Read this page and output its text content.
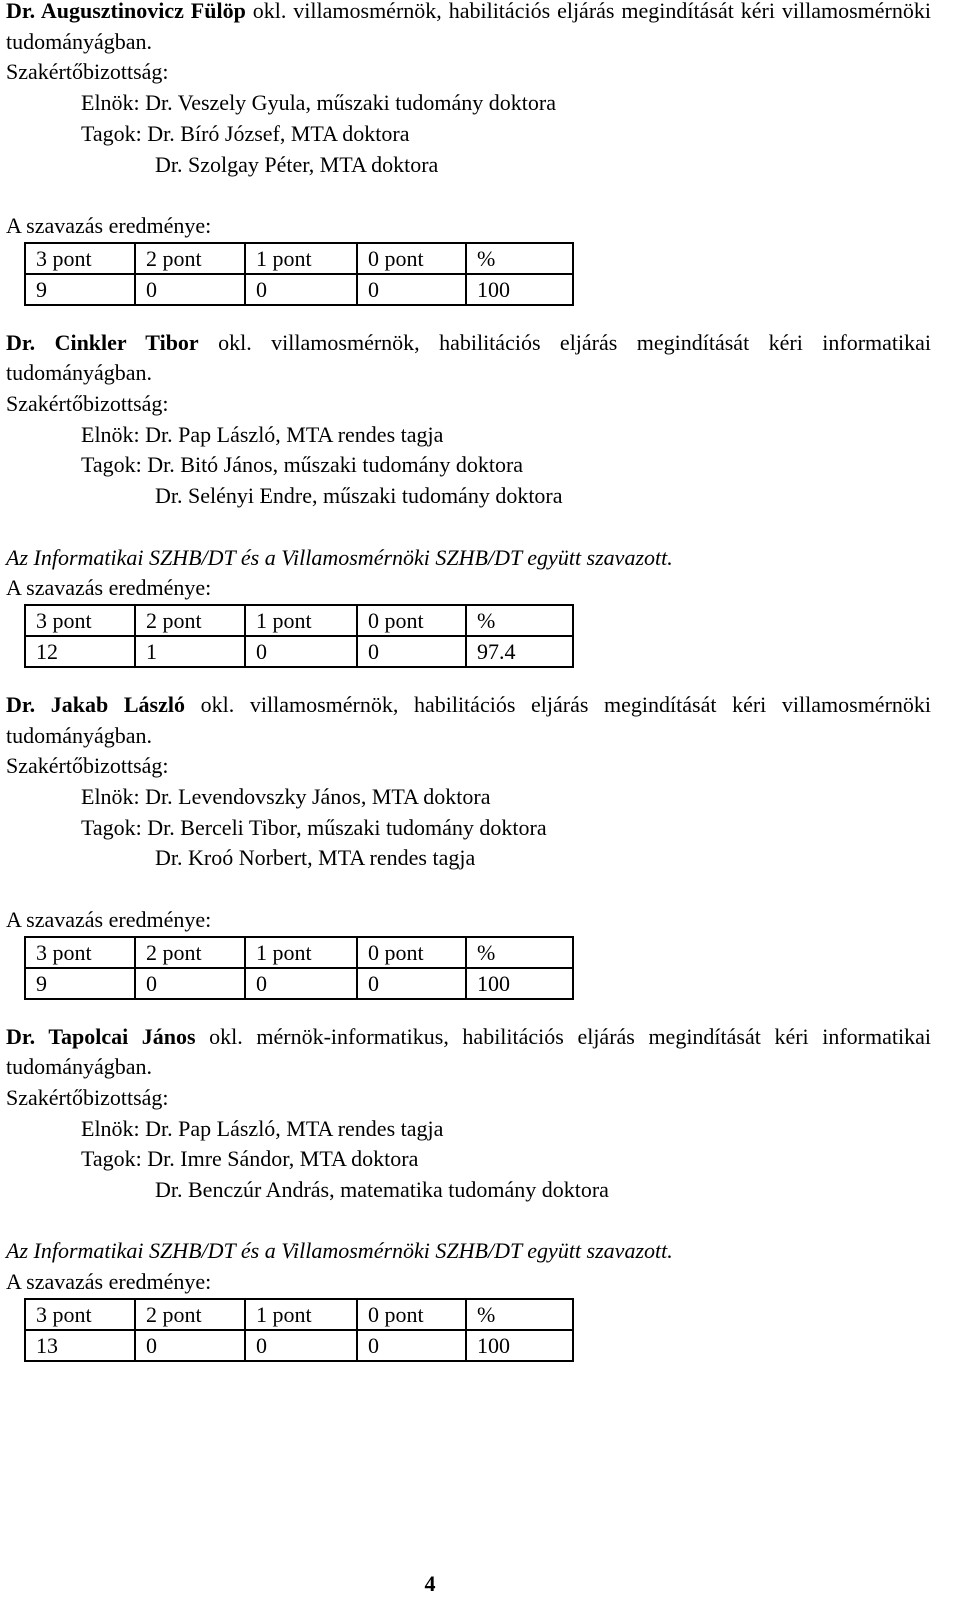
Dr. Augusztinovicz Fülöp okl. villamosmérnök, habilitációs eljárás megindítását kéri villamosmérnöki tudományágban.
Szakértőbizottság:
Elnök: Dr. Veszely Gyula, műszaki tudomány doktora
Tagok: Dr. Bíró József, MTA doktora
Dr. Szolgay Péter, MTA doktora
A szavazás eredménye:
3 pont	2 pont	1 pont	0 pont	%
9	0	0	0	100
Dr. Cinkler Tibor okl. villamosmérnök, habilitációs eljárás megindítását kéri informatikai tudományágban.
Szakértőbizottság:
Elnök: Dr. Pap László, MTA rendes tagja
Tagok: Dr. Bitó János, műszaki tudomány doktora
Dr. Selényi Endre, műszaki tudomány doktora
Az Informatikai SZHB/DT és a Villamosmérnöki SZHB/DT együtt szavazott.
A szavazás eredménye:
3 pont	2 pont	1 pont	0 pont	%
12	1	0	0	97.4
Dr. Jakab László okl. villamosmérnök, habilitációs eljárás megindítását kéri villamosmérnöki tudományágban.
Szakértőbizottság:
Elnök: Dr. Levendovszky János, MTA doktora
Tagok: Dr. Berceli Tibor, műszaki tudomány doktora
Dr. Kroó Norbert, MTA rendes tagja
A szavazás eredménye:
3 pont	2 pont	1 pont	0 pont	%
9	0	0	0	100
Dr. Tapolcai János okl. mérnök-informatikus, habilitációs eljárás megindítását kéri informatikai tudományágban.
Szakértőbizottság:
Elnök: Dr. Pap László, MTA rendes tagja
Tagok: Dr. Imre Sándor, MTA doktora
Dr. Benczúr András, matematika tudomány doktora
Az Informatikai SZHB/DT és a Villamosmérnöki SZHB/DT együtt szavazott.
A szavazás eredménye:
3 pont	2 pont	1 pont	0 pont	%
13	0	0	0	100
4
